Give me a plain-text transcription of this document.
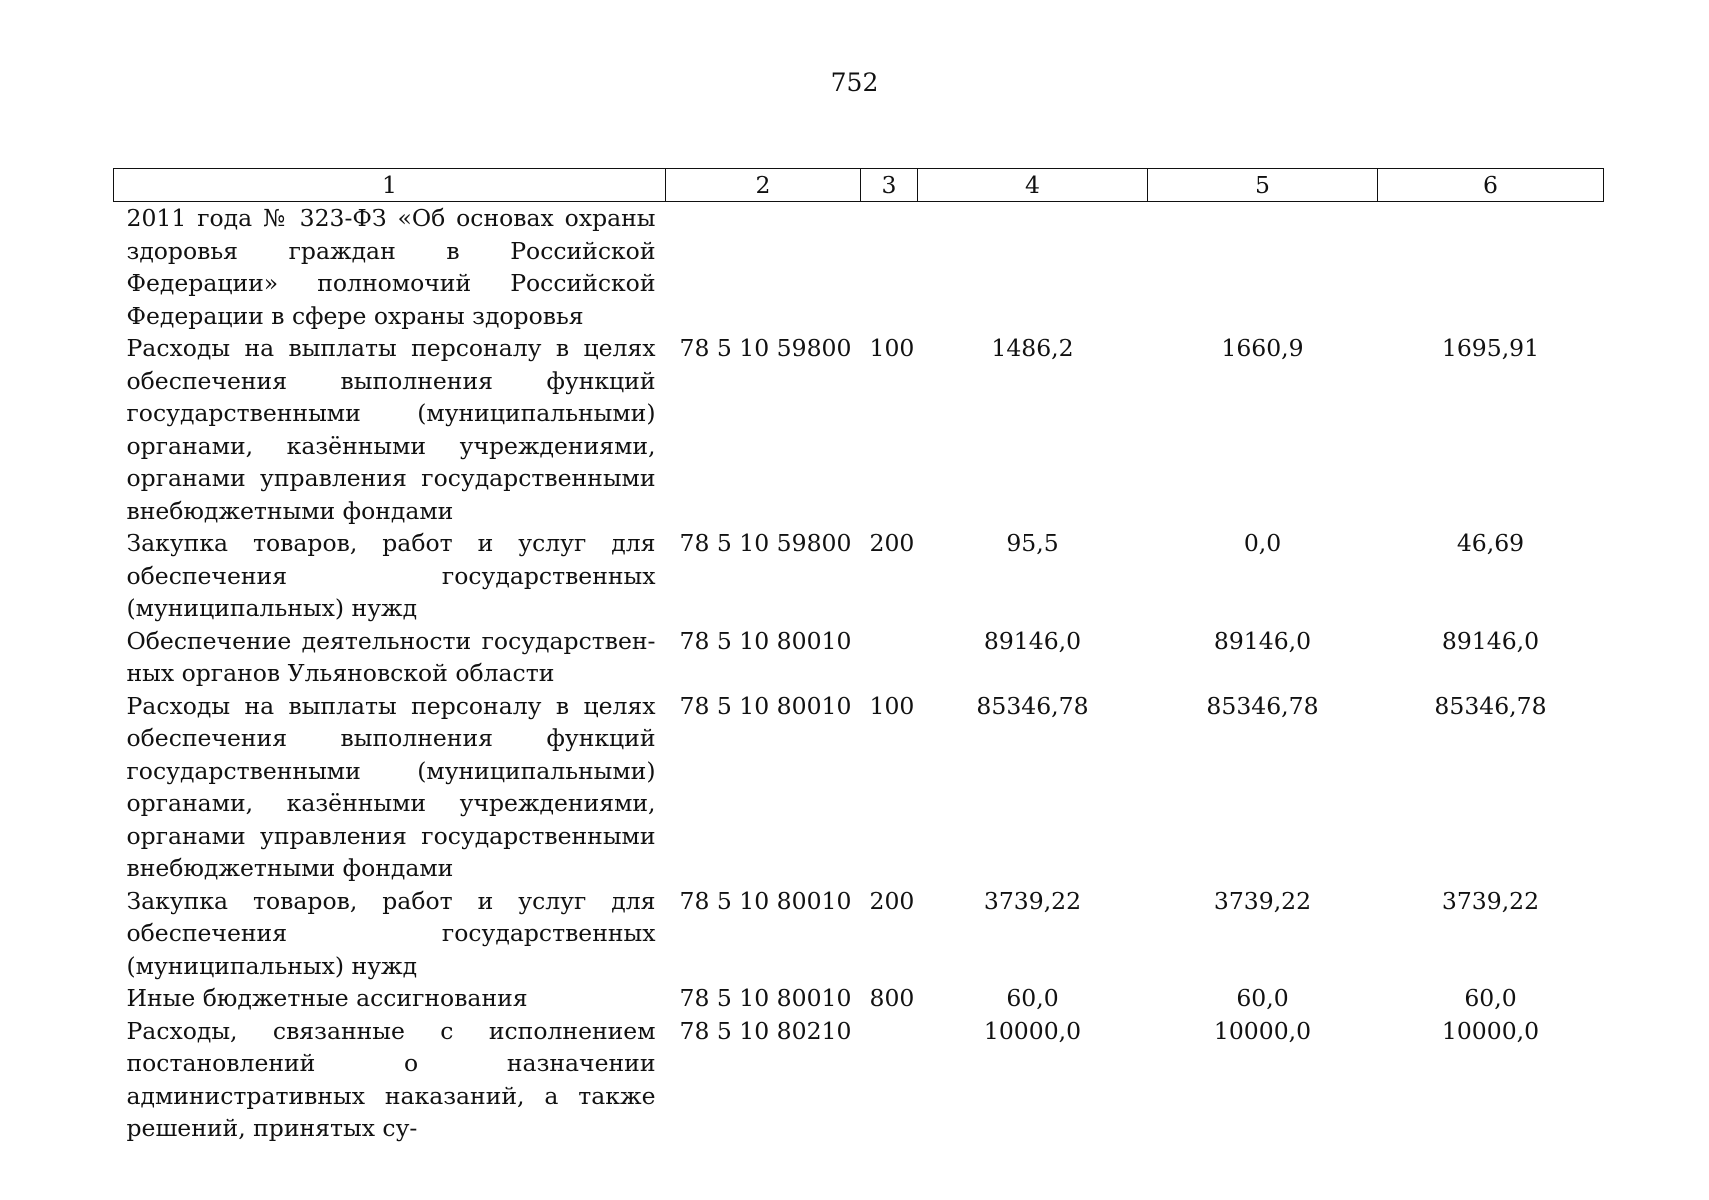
752
1	2	3	4	5	6
2011 года № 323-ФЗ «Об основах охраны здоровья граждан в Российской Федерации» полномочий Российской Федерации в сфере охраны здоровья					
Расходы на выплаты персоналу в целях обеспечения выполнения функций государственными (муниципальными) органами, казёнными учреждениями, органами управления государственными внебюджетными фондами	78 5 10 59800	100	1486,2	1660,9	1695,91
Закупка товаров, работ и услуг для обеспечения государственных (муниципальных) нужд	78 5 10 59800	200	95,5	0,0	46,69
Обеспечение деятельности государственных органов Ульяновской области	78 5 10 80010		89146,0	89146,0	89146,0
Расходы на выплаты персоналу в целях обеспечения выполнения функций государственными (муниципальными) органами, казёнными учреждениями, органами управления государственными внебюджетными фондами	78 5 10 80010	100	85346,78	85346,78	85346,78
Закупка товаров, работ и услуг для обеспечения государственных (муниципальных) нужд	78 5 10 80010	200	3739,22	3739,22	3739,22
Иные бюджетные ассигнования	78 5 10 80010	800	60,0	60,0	60,0
Расходы, связанные с исполнением постановлений о назначении административных наказаний, а также решений, принятых су-	78 5 10 80210		10000,0	10000,0	10000,0
